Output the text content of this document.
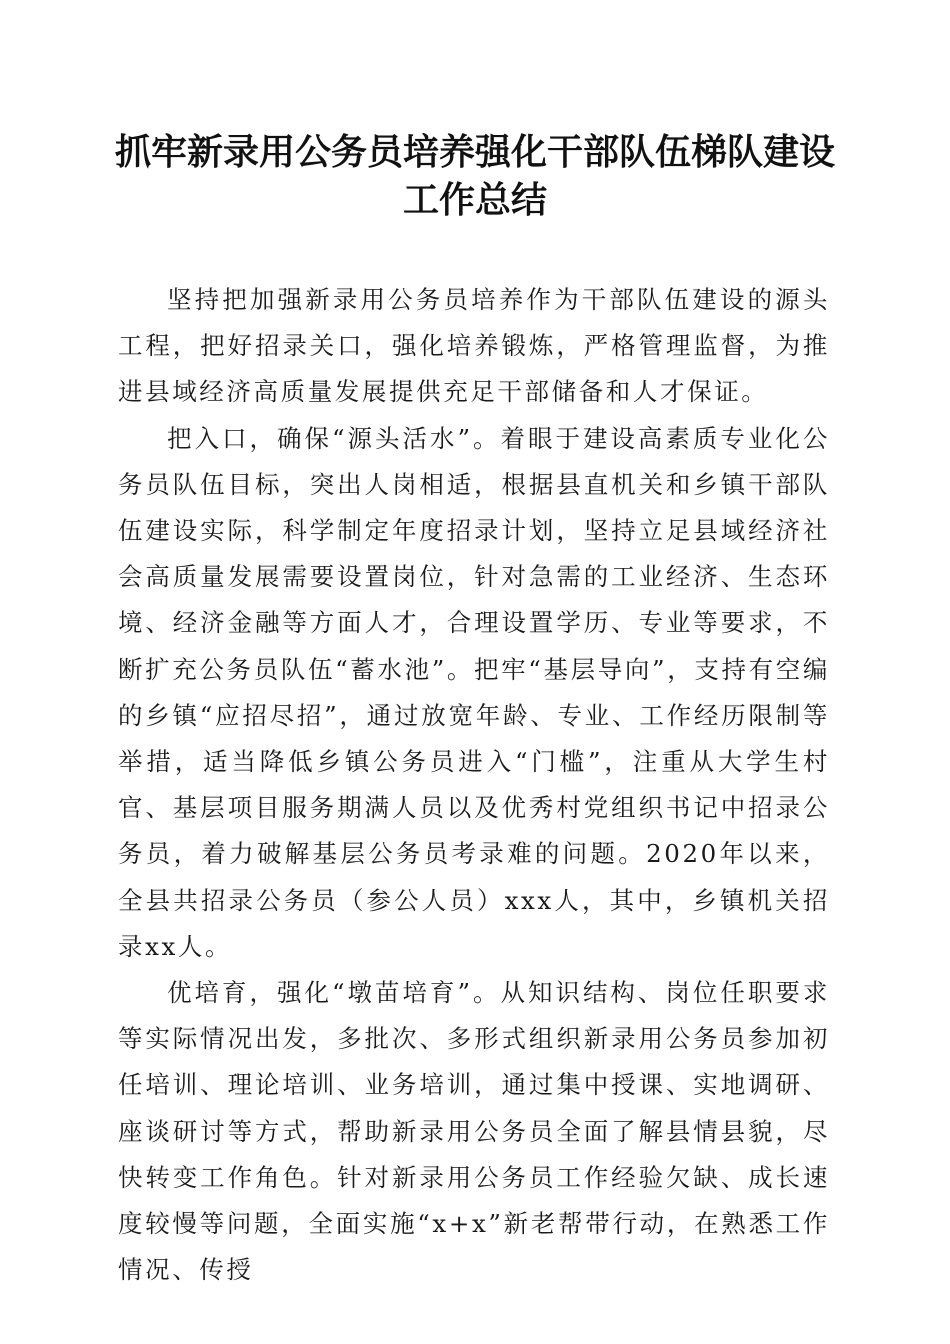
抓牢新录用公务员培养强化干部队伍梯队建设
工作总结

坚持把加强新录用公务员培养作为干部队伍建设的源头工程，把好招录关口，强化培养锻炼，严格管理监督，为推进县域经济高质量发展提供充足干部储备和人才保证。

把入口，确保“源头活水”。着眼于建设高素质专业化公务员队伍目标，突出人岗相适，根据县直机关和乡镇干部队伍建设实际，科学制定年度招录计划，坚持立足县域经济社会高质量发展需要设置岗位，针对急需的工业经济、生态环境、经济金融等方面人才，合理设置学历、专业等要求，不断扩充公务员队伍“蓄水池”。把牢“基层导向”，支持有空编的乡镇“应招尽招”，通过放宽年龄、专业、工作经历限制等举措，适当降低乡镇公务员进入“门槛”，注重从大学生村官、基层项目服务期满人员以及优秀村党组织书记中招录公务员，着力破解基层公务员考录难的问题。2020年以来，全县共招录公务员（参公人员）xxx人，其中，乡镇机关招录xx人。

优培育，强化“墩苗培育”。从知识结构、岗位任职要求等实际情况出发，多批次、多形式组织新录用公务员参加初任培训、理论培训、业务培训，通过集中授课、实地调研、座谈研讨等方式，帮助新录用公务员全面了解县情县貌，尽快转变工作角色。针对新录用公务员工作经验欠缺、成长速度较慢等问题，全面实施“x+x”新老帮带行动，在熟悉工作情况、传授
